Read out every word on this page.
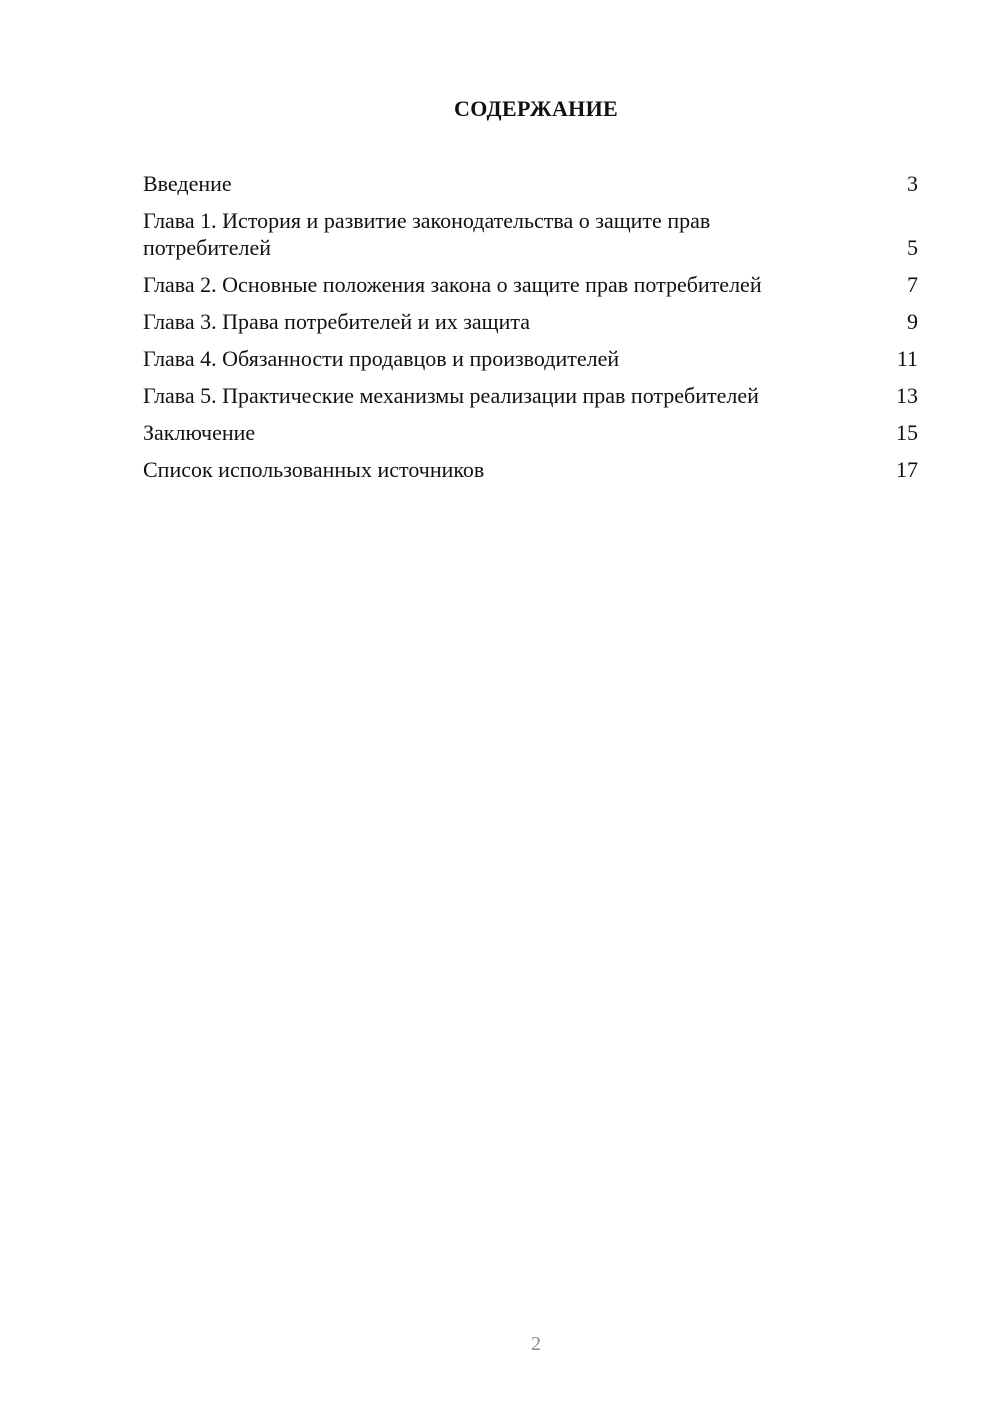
СОДЕРЖАНИЕ
Введение	3
Глава 1. История и развитие законодательства о защите прав потребителей	5
Глава 2. Основные положения закона о защите прав потребителей	7
Глава 3. Права потребителей и их защита	9
Глава 4. Обязанности продавцов и производителей	11
Глава 5. Практические механизмы реализации прав потребителей	13
Заключение	15
Список использованных источников	17
2
